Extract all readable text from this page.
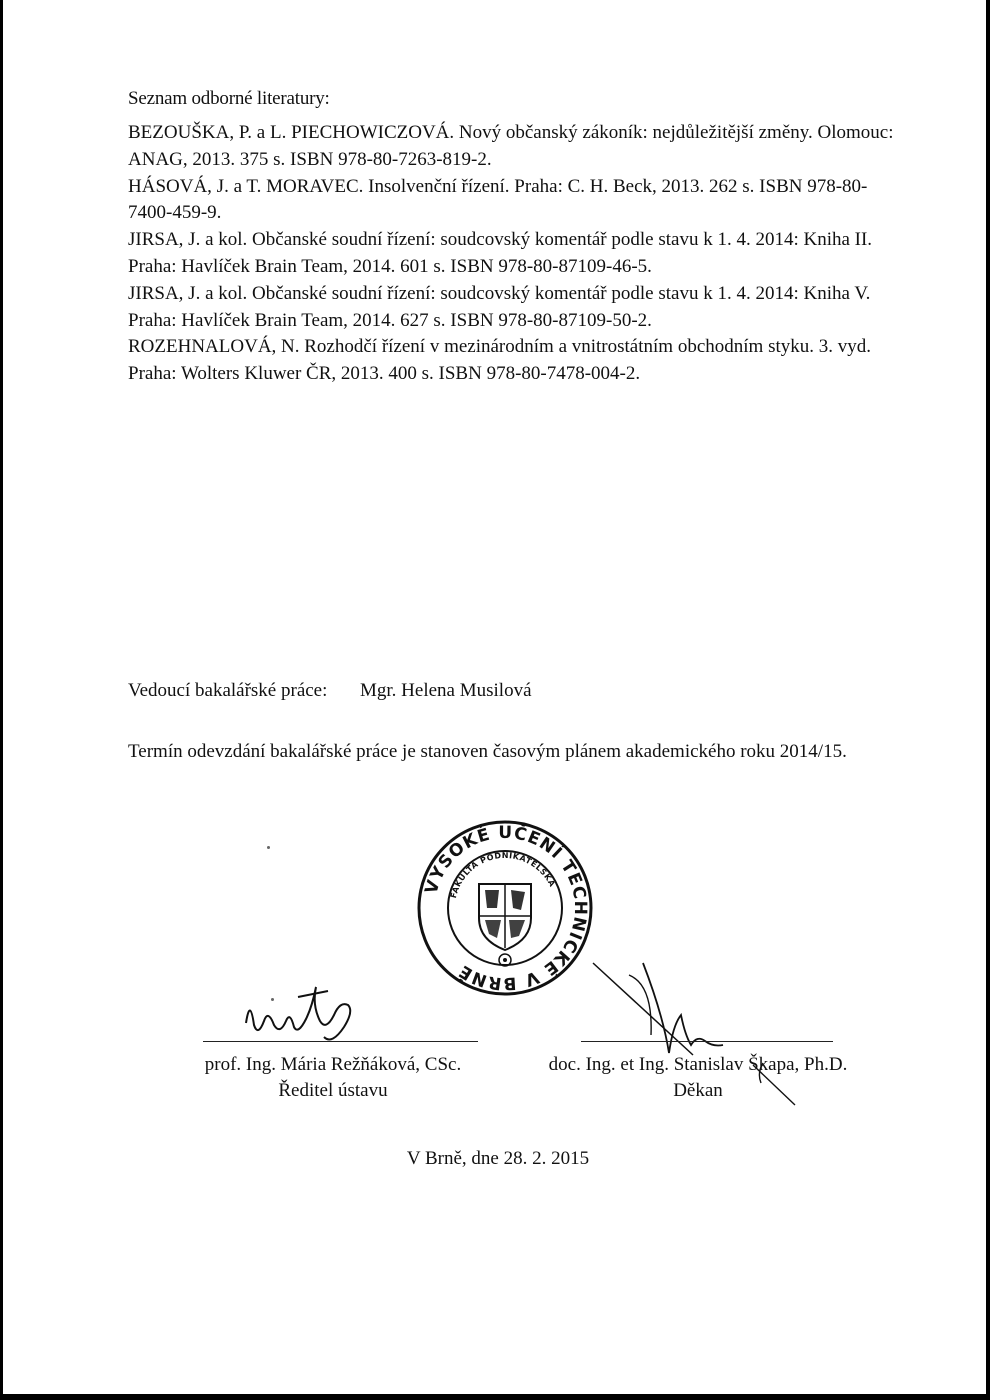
Seznam odborné literatury:

BEZOUŠKA, P. a L. PIECHOWICZOVÁ. Nový občanský zákoník: nejdůležitější změny. Olomouc: ANAG, 2013. 375 s. ISBN 978-80-7263-819-2.

HÁSOVÁ, J. a T. MORAVEC. Insolvenční řízení. Praha: C. H. Beck, 2013. 262 s. ISBN 978-80-7400-459-9.

JIRSA, J. a kol. Občanské soudní řízení: soudcovský komentář podle stavu k 1. 4. 2014: Kniha II. Praha: Havlíček Brain Team, 2014. 601 s. ISBN 978-80-87109-46-5.

JIRSA, J. a kol. Občanské soudní řízení: soudcovský komentář podle stavu k 1. 4. 2014: Kniha V. Praha: Havlíček Brain Team, 2014. 627 s. ISBN 978-80-87109-50-2.

ROZEHNALOVÁ, N. Rozhodčí řízení v mezinárodním a vnitrostátním obchodním styku. 3. vyd. Praha: Wolters Kluwer ČR, 2013. 400 s. ISBN 978-80-7478-004-2.

Vedoucí bakalářské práce: Mgr. Helena Musilová
Termín odevzdání bakalářské práce je stanoven časovým plánem akademického roku 2014/15.
VYSOKÉ UČENÍ TECHNICKÉ V BRNĚ
FAKULTA PODNIKATELSKÁ
prof. Ing. Mária Režňáková, CSc.
Ředitel ústavu
doc. Ing. et Ing. Stanislav Škapa, Ph.D.
Děkan
V Brně, dne 28. 2. 2015
